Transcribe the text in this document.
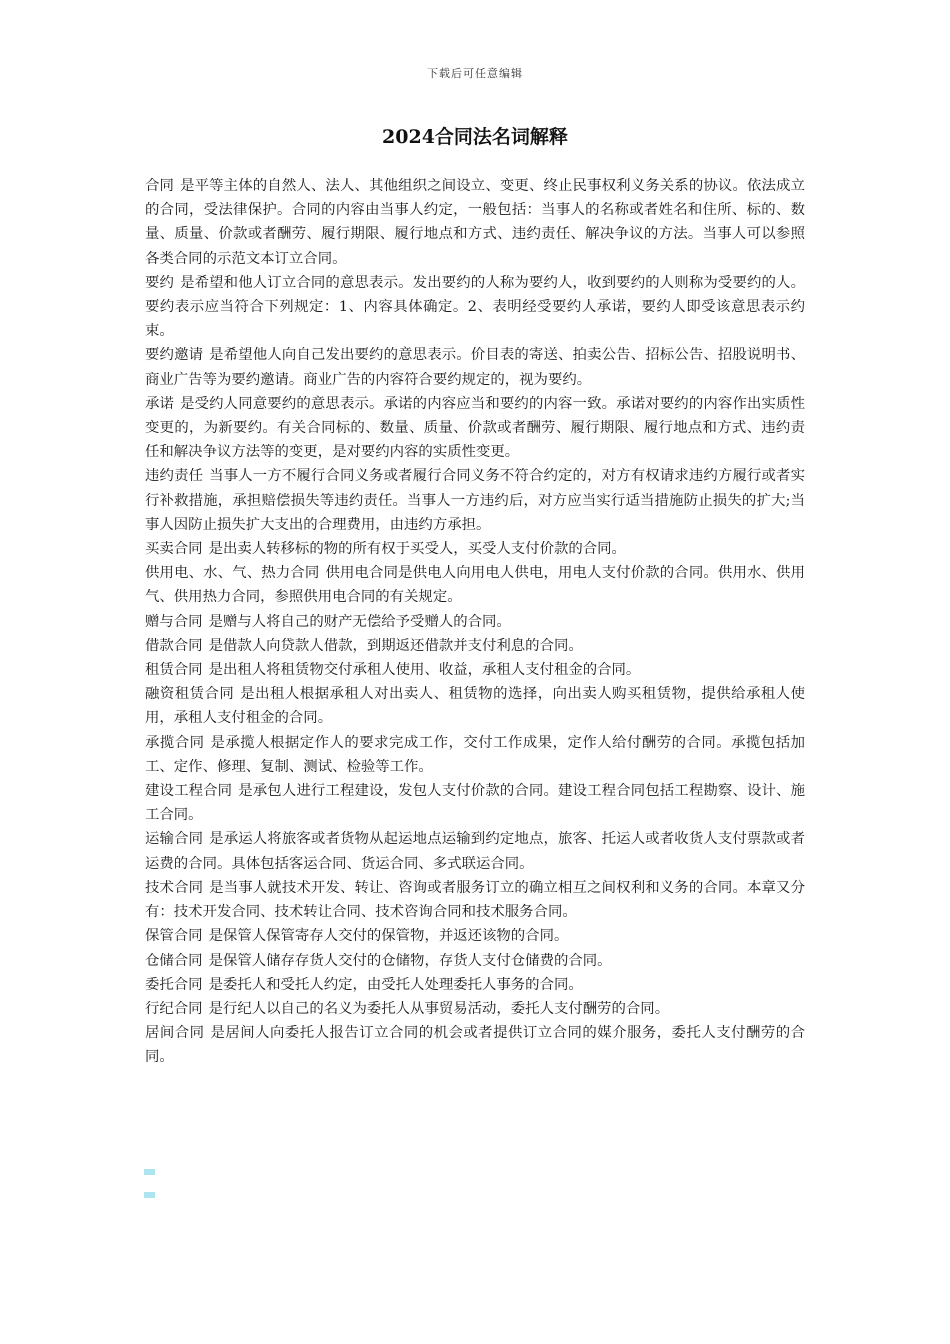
下载后可任意编辑
2024合同法名词解释

合同 是平等主体的自然人、法人、其他组织之间设立、变更、终止民事权利义务关系的协议。依法成立的合同，受法律保护。合同的内容由当事人约定，一般包括：当事人的名称或者姓名和住所、标的、数量、质量、价款或者酬劳、履行期限、履行地点和方式、违约责任、解决争议的方法。当事人可以参照各类合同的示范文本订立合同。

要约 是希望和他人订立合同的意思表示。发出要约的人称为要约人，收到要约的人则称为受要约的人。要约表示应当符合下列规定：1、内容具体确定。2、表明经受要约人承诺，要约人即受该意思表示约束。

要约邀请 是希望他人向自己发出要约的意思表示。价目表的寄送、拍卖公告、招标公告、招股说明书、商业广告等为要约邀请。商业广告的内容符合要约规定的，视为要约。

承诺 是受约人同意要约的意思表示。承诺的内容应当和要约的内容一致。承诺对要约的内容作出实质性变更的，为新要约。有关合同标的、数量、质量、价款或者酬劳、履行期限、履行地点和方式、违约责任和解决争议方法等的变更，是对要约内容的实质性变更。

违约责任 当事人一方不履行合同义务或者履行合同义务不符合约定的，对方有权请求违约方履行或者实行补救措施，承担赔偿损失等违约责任。当事人一方违约后，对方应当实行适当措施防止损失的扩大;当事人因防止损失扩大支出的合理费用，由违约方承担。

买卖合同 是出卖人转移标的物的所有权于买受人，买受人支付价款的合同。

供用电、水、气、热力合同 供用电合同是供电人向用电人供电，用电人支付价款的合同。供用水、供用气、供用热力合同，参照供用电合同的有关规定。

赠与合同 是赠与人将自己的财产无偿给予受赠人的合同。

借款合同 是借款人向贷款人借款，到期返还借款并支付利息的合同。

租赁合同 是出租人将租赁物交付承租人使用、收益，承租人支付租金的合同。

融资租赁合同 是出租人根据承租人对出卖人、租赁物的选择，向出卖人购买租赁物，提供给承租人使用，承租人支付租金的合同。

承揽合同 是承揽人根据定作人的要求完成工作，交付工作成果，定作人给付酬劳的合同。承揽包括加工、定作、修理、复制、测试、检验等工作。

建设工程合同 是承包人进行工程建设，发包人支付价款的合同。建设工程合同包括工程勘察、设计、施工合同。

运输合同 是承运人将旅客或者货物从起运地点运输到约定地点，旅客、托运人或者收货人支付票款或者运费的合同。具体包括客运合同、货运合同、多式联运合同。

技术合同 是当事人就技术开发、转让、咨询或者服务订立的确立相互之间权利和义务的合同。本章又分有：技术开发合同、技术转让合同、技术咨询合同和技术服务合同。

保管合同 是保管人保管寄存人交付的保管物，并返还该物的合同。

仓储合同 是保管人储存存货人交付的仓储物，存货人支付仓储费的合同。

委托合同 是委托人和受托人约定，由受托人处理委托人事务的合同。

行纪合同 是行纪人以自己的名义为委托人从事贸易活动，委托人支付酬劳的合同。

居间合同 是居间人向委托人报告订立合同的机会或者提供订立合同的媒介服务，委托人支付酬劳的合同。
